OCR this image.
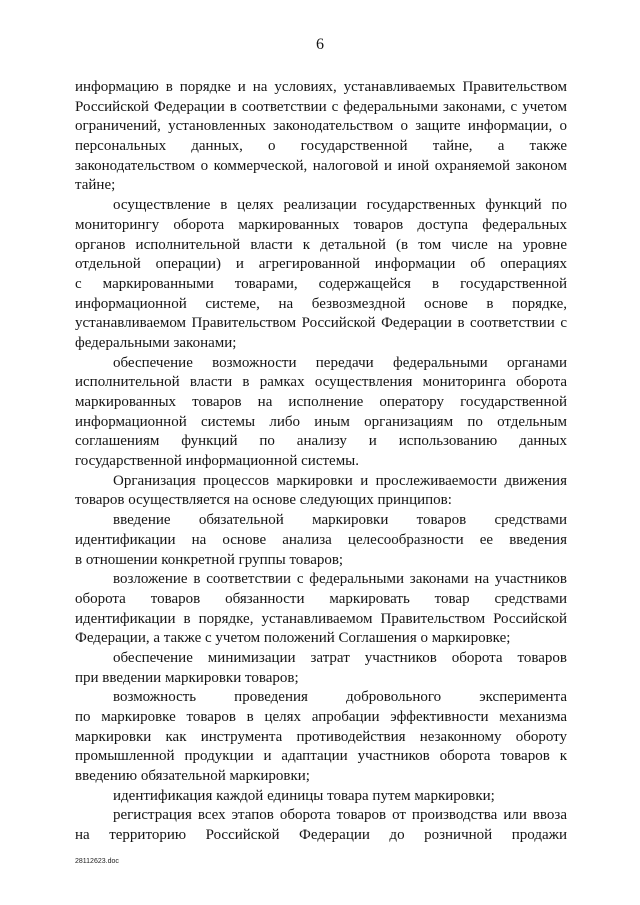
6
информацию в порядке и на условиях, устанавливаемых Правительством
Российской Федерации в соответствии с федеральными законами, с учетом
ограничений, установленных законодательством о защите информации, о
персональных данных, о государственной тайне, а также
законодательством о коммерческой, налоговой и иной охраняемой законом
тайне;
осуществление в целях реализации государственных функций по
мониторингу оборота маркированных товаров доступа федеральных
органов исполнительной власти к детальной (в том числе на уровне
отдельной операции) и агрегированной информации об операциях
с маркированными товарами, содержащейся в государственной
информационной системе, на безвозмездной основе в порядке,
устанавливаемом Правительством Российской Федерации в соответствии с
федеральными законами;
обеспечение возможности передачи федеральными органами
исполнительной власти в рамках осуществления мониторинга оборота
маркированных товаров на исполнение оператору государственной
информационной системы либо иным организациям по отдельным
соглашениям функций по анализу и использованию данных
государственной информационной системы.
Организация процессов маркировки и прослеживаемости движения
товаров осуществляется на основе следующих принципов:
введение обязательной маркировки товаров средствами
идентификации на основе анализа целесообразности ее введения
в отношении конкретной группы товаров;
возложение в соответствии с федеральными законами на участников
оборота товаров обязанности маркировать товар средствами
идентификации в порядке, устанавливаемом Правительством Российской
Федерации, а также с учетом положений Соглашения о маркировке;
обеспечение минимизации затрат участников оборота товаров
при введении маркировки товаров;
возможность проведения добровольного эксперимента
по маркировке товаров в целях апробации эффективности механизма
маркировки как инструмента противодействия незаконному обороту
промышленной продукции и адаптации участников оборота товаров к
введению обязательной маркировки;
идентификация каждой единицы товара путем маркировки;
регистрация всех этапов оборота товаров от производства или ввоза
на территорию Российской Федерации до розничной продажи
28112623.doc
